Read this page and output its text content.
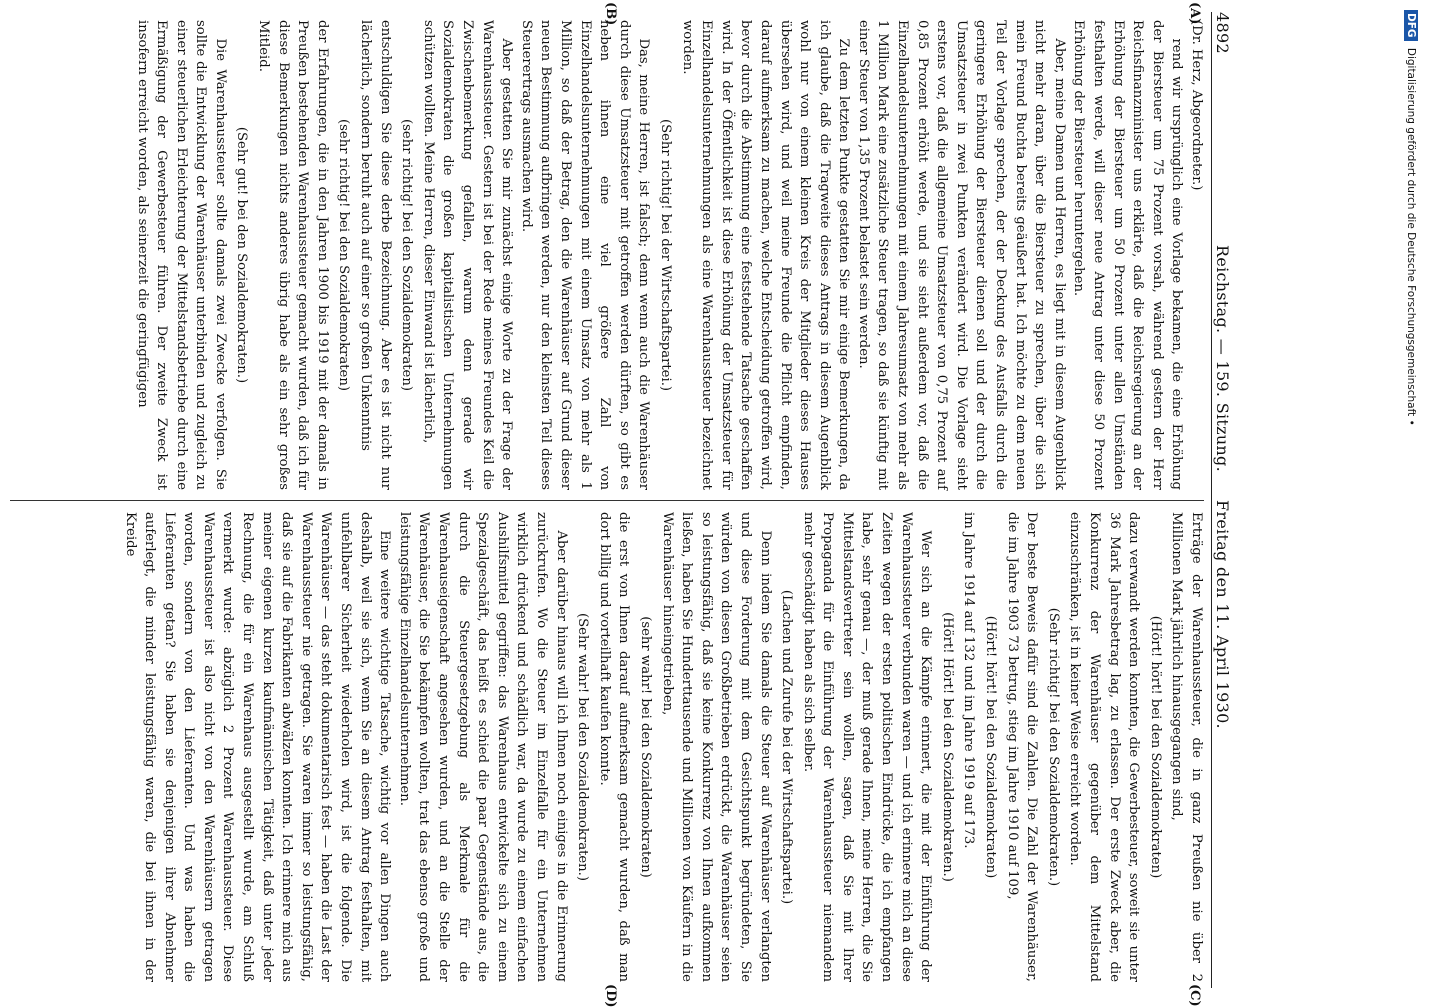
4892
Reichstag. — 159. Sitzung.
Freitag den 11. April 1930.
(A)
(B)
(C)
(D)

(Dr. Herz, Abgeordneter.)

rend wir ursprünglich eine Vorlage bekamen, die eine Erhöhung der Biersteuer um 75 Prozent vorsah, während gestern der Herr Reichsfinanzminister uns erklärte, daß die Reichsregierung an der Erhöhung der Biersteuer um 50 Prozent unter allen Umständen festhalten werde, will dieser neue Antrag unter diese 50 Prozent Erhöhung der Biersteuer heruntergehen.

Aber, meine Damen und Herren, es liegt mit in diesem Augenblick nicht mehr daran, über die Biersteuer zu sprechen, über die sich mein Freund Buchta bereits geäußert hat. Ich möchte zu dem neuen Teil der Vorlage sprechen, der der Deckung des Ausfalls durch die geringere Erhöhung der Biersteuer dienen soll und der durch die Umsatzsteuer in zwei Punkten verändert wird. Die Vorlage sieht erstens vor, daß die allgemeine Umsatzsteuer von 0,75 Prozent auf 0,85 Prozent erhöht werde, und sie sieht außerdem vor, daß die Einzelhandelsunternehmungen mit einem Jahresumsatz von mehr als 1 Million Mark eine zusätzliche Steuer tragen, so daß sie künftig mit einer Steuer von 1,35 Prozent belastet sein werden.

Zu dem letzten Punkte gestatten Sie mir einige Bemerkungen, da ich glaube, daß die Tragweite dieses Antrags in diesem Augenblick wohl nur von einem kleinen Kreis der Mitglieder dieses Hauses übersehen wird, und weil meine Freunde die Pflicht empfinden, darauf aufmerksam zu machen, welche Entscheidung getroffen wird, bevor durch die Abstimmung eine feststehende Tatsache geschaffen wird. In der Öffentlichkeit ist diese Erhöhung der Umsatzsteuer für Einzelhandelsunternehmungen als eine Warenhaussteuer bezeichnet worden.

(Sehr richtig! bei der Wirtschaftspartei.)

Das, meine Herren, ist falsch; denn wenn auch die Warenhäuser durch diese Umsatzsteuer mit getroffen werden dürften, so gibt es neben ihnen eine viel größere Zahl von Einzelhandelsunternehmungen mit einem Umsatz von mehr als 1 Million, so daß der Betrag, den die Warenhäuser auf Grund dieser neuen Bestimmung aufbringen werden, nur den kleinsten Teil dieses Steuerertrags ausmachen wird.

Aber gestatten Sie mir zunächst einige Worte zu der Frage der Warenhaussteuer. Gestern ist bei der Rede meines Freundes Keil die Zwischenbemerkung gefallen, warum denn gerade wir Sozialdemokraten die großen kapitalistischen Unternehmungen schützen wollten. Meine Herren, dieser Einwand ist lächerlich,

(sehr richtig! bei den Sozialdemokraten)

entschuldigen Sie diese derbe Bezeichnung. Aber es ist nicht nur lächerlich, sondern beruht auch auf einer so großen Unkenntnis

(sehr richtig! bei den Sozialdemokraten)

der Erfahrungen, die in den Jahren 1900 bis 1919 mit der damals in Preußen bestehenden Warenhaussteuer gemacht wurden, daß ich für diese Bemerkungen nichts anderes übrig habe als ein sehr großes Mitleid.

(Sehr gut! bei den Sozialdemokraten.)

Die Warenhaussteuer sollte damals zwei Zwecke verfolgen. Sie sollte die Entwicklung der Warenhäuser unterbinden und zugleich zu einer steuerlichen Erleichterung der Mittelstandsbetriebe durch eine Ermäßigung der Gewerbesteuer führen. Der zweite Zweck ist insofern erreicht worden, als seinerzeit die geringfügigen

Erträge der Warenhaussteuer, die in ganz Preußen nie über 2 Millionen Mark jährlich hinausgegangen sind,

(Hört! hört! bei den Sozialdemokraten)

dazu verwandt werden konnten, die Gewerbesteuer, soweit sie unter 36 Mark Jahresbetrag lag, zu erlassen. Der erste Zweck aber, die Konkurrenz der Warenhäuser gegenüber dem Mittelstand einzuschränken, ist in keiner Weise erreicht worden.

(Sehr richtig! bei den Sozialdemokraten.)

Der beste Beweis dafür sind die Zahlen. Die Zahl der Warenhäuser, die im Jahre 1903 73 betrug, stieg im Jahre 1910 auf 109,

(Hört! hört! bei den Sozialdemokraten)

im Jahre 1914 auf 132 und im Jahre 1919 auf 173.

(Hört! Hört! bei den Sozialdemokraten.)

Wer sich an die Kämpfe erinnert, die mit der Einführung der Warenhaussteuer verbunden waren — und ich erinnere mich an diese Zeiten wegen der ersten politischen Eindrücke, die ich empfangen habe, sehr genau —, der muß gerade Ihnen, meine Herren, die Sie Mittelstandsvertreter sein wollen, sagen, daß Sie mit Ihrer Propaganda für die Einführung der Warenhaussteuer niemandem mehr geschädigt haben als sich selber.

(Lachen und Zurufe bei der Wirtschaftspartei.)

Denn indem Sie damals die Steuer auf Warenhäuser verlangten und diese Forderung mit dem Gesichtspunkt begründeten, Sie würden von diesen Großbetrieben erdrückt, die Warenhäuser seien so leistungsfähig, daß sie keine Konkurrenz von Ihnen aufkommen ließen, haben Sie Hunderttausende und Millionen von Käufern in die Warenhäuser hineingetrieben,

(sehr wahr! bei den Sozialdemokraten)

die erst von Ihnen darauf aufmerksam gemacht wurden, daß man dort billig und vorteilhaft kaufen konnte.

(Sehr wahr! bei den Sozialdemokraten.)

Aber darüber hinaus will ich Ihnen noch einiges in die Erinnerung zurückrufen. Wo die Steuer im Einzelfalle für ein Unternehmen wirklich drückend und schädlich war, da wurde zu einem einfachen Aushilfsmittel gegriffen: das Warenhaus entwickelte sich zu einem Spezialgeschäft, das heißt es schied die paar Gegenstände aus, die durch die Steuergesetzgebung als Merkmale für die Warenhauseigenschaft angesehen wurden, und an die Stelle der Warenhäuser, die Sie bekämpfen wollten, trat das ebenso große und leistungsfähige Einzelhandelsunternehmen.

Eine weitere wichtige Tatsache, wichtig vor allen Dingen auch deshalb, weil sie sich, wenn Sie an diesem Antrag festhalten, mit unfehlbarer Sicherheit wiederholen wird, ist die folgende. Die Warenhäuser — das steht dokumentarisch fest — haben die Last der Warenhaussteuer nie getragen. Sie waren immer so leistungsfähig, daß sie auf die Fabrikanten abwälzen konnten. Ich erinnere mich aus meiner eigenen kurzen kaufmännischen Tätigkeit, daß unter jeder Rechnung, die für ein Warenhaus ausgestellt wurde, am Schluß vermerkt wurde: abzüglich 2 Prozent Warenhaussteuer. Diese Warenhaussteuer ist also nicht von den Warenhäusern getragen worden, sondern von den Lieferanten. Und was haben die Lieferanten getan? Sie haben sie denjenigen ihrer Abnehmer auferlegt, die minder leistungsfähig waren, die bei ihnen in der Kreide

DFG Digitalisierung gefördert durch die Deutsche Forschungsgemeinschaft •
